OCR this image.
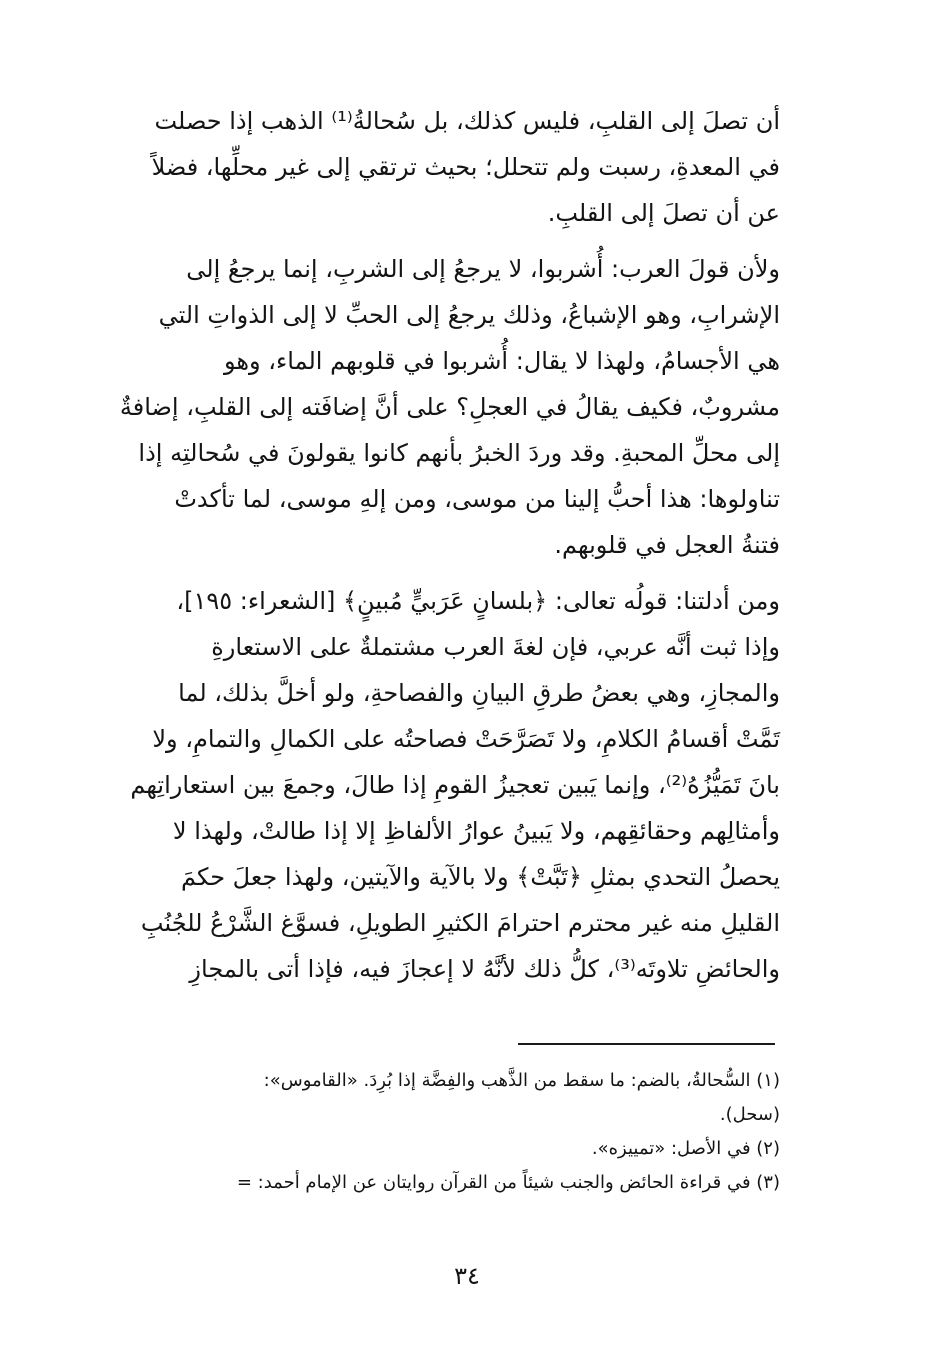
أن تصلَ إلى القلبِ، فليس كذلك، بل سُحالةُ⁽¹⁾ الذهب إذا حصلت
في المعدةِ، رسبت ولم تتحلل؛ بحيث ترتقي إلى غير محلِّها، فضلاً
عن أن تصلَ إلى القلبِ.

ولأن قولَ العرب: أُشربوا، لا يرجعُ إلى الشربِ، إنما يرجعُ إلى
الإشرابِ، وهو الإشباعُ، وذلك يرجعُ إلى الحبِّ لا إلى الذواتِ التي
هي الأجسامُ، ولهذا لا يقال: أُشربوا في قلوبهم الماء، وهو
مشروبٌ، فكيف يقالُ في العجلِ؟ على أنَّ إضافَته إلى القلبِ، إضافةٌ
إلى محلِّ المحبةِ. وقد وردَ الخبرُ بأنهم كانوا يقولونَ في سُحالتِه إذا
تناولوها: هذا أحبُّ إلينا من موسى، ومن إلهِ موسى، لما تأكدتْ
فتنةُ العجل في قلوبهم.

ومن أدلتنا: قولُه تعالى: ﴿بلسانٍ عَرَبيٍّ مُبينٍ﴾ [الشعراء: ١٩٥]،
وإذا ثبت أنَّه عربي، فإن لغةَ العرب مشتملةٌ على الاستعارةِ
والمجازِ، وهي بعضُ طرقِ البيانِ والفصاحةِ، ولو أخلَّ بذلك، لما
تَمَّتْ أقسامُ الكلامِ، ولا تَصَرَّحَتْ فصاحتُه على الكمالِ والتمامِ، ولا
بانَ تَمَيُّزُهُ⁽²⁾، وإنما يَبين تعجيزُ القومِ إذا طالَ، وجمعَ بين استعاراتِهم
وأمثالِهم وحقائقِهم، ولا يَبينُ عوارُ الألفاظِ إلا إذا طالتْ، ولهذا لا
يحصلُ التحدي بمثلِ ﴿تَبَّتْ﴾ ولا بالآية والآيتين، ولهذا جعلَ حكمَ
القليلِ منه غير محترم احترامَ الكثيرِ الطويلِ، فسوَّغ الشَّرْعُ للجُنُبِ
والحائضِ تلاوتَه⁽³⁾، كلُّ ذلك لأنَّهُ لا إعجازَ فيه، فإذا أتى بالمجازِ

(١) السُّحالةُ، بالضم: ما سقط من الذَّهب والفِضَّة إذا بُرِدَ. «القاموس»:
(سحل).

(٢) في الأصل: «تمييزه».

(٣) في قراءة الحائض والجنب شيئاً من القرآن روايتان عن الإمام أحمد: =

٣٤
